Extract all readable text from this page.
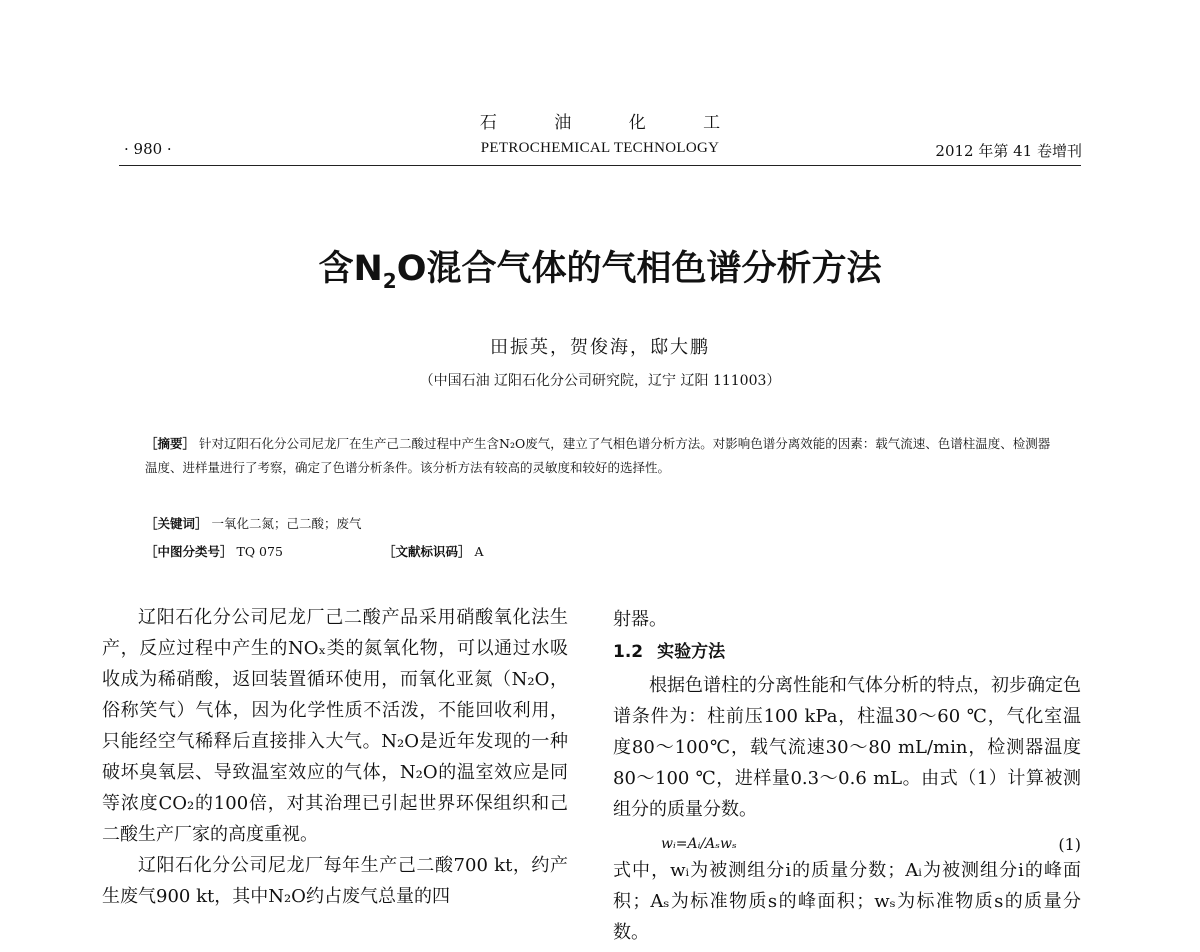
石 油 化 工
· 980 ·	PETROCHEMICAL TECHNOLOGY	2012 年第 41 卷增刊
含$N_2O$混合气体的气相色谱分析方法
田振英，贺俊海，邸大鹏
（中国石油 辽阳石化分公司研究院，辽宁 辽阳 111003）

［摘要］ 针对辽阳石化分公司尼龙厂在生产己二酸过程中产生含N₂O废气，建立了气相色谱分析方法。对影响色谱分离效能的因素：载气流速、色谱柱温度、检测器温度、进样量进行了考察，确定了色谱分析条件。该分析方法有较高的灵敏度和较好的选择性。

［关键词］ 一氧化二氮；己二酸；废气
［中图分类号］ TQ 075	［文献标识码］ A

辽阳石化分公司尼龙厂己二酸产品采用硝酸氧化法生产，反应过程中产生的NOₓ类的氮氧化物，可以通过水吸收成为稀硝酸，返回装置循环使用，而氧化亚氮（N₂O，俗称笑气）气体，因为化学性质不活泼，不能回收利用，只能经空气稀释后直接排入大气。N₂O是近年发现的一种破坏臭氧层、导致温室效应的气体，N₂O的温室效应是同等浓度CO₂的100倍，对其治理已引起世界环保组织和己二酸生产厂家的高度重视。

辽阳石化分公司尼龙厂每年生产己二酸700 kt，约产生废气900 kt，其中N₂O约占废气总量的四

射器。

1.2 实验方法

根据色谱柱的分离性能和气体分析的特点，初步确定色谱条件为：柱前压100 kPa，柱温30～60 ℃，气化室温度80～100℃，载气流速30～80 mL/min，检测器温度80～100 ℃，进样量0.3～0.6 mL。由式（1）计算被测组分的质量分数。

wᵢ=Aᵢ/Aₛwₛ	(1)

式中，wᵢ为被测组分i的质量分数；Aᵢ为被测组分i的峰面积；Aₛ为标准物质s的峰面积；wₛ为标准物质s的质量分数。
